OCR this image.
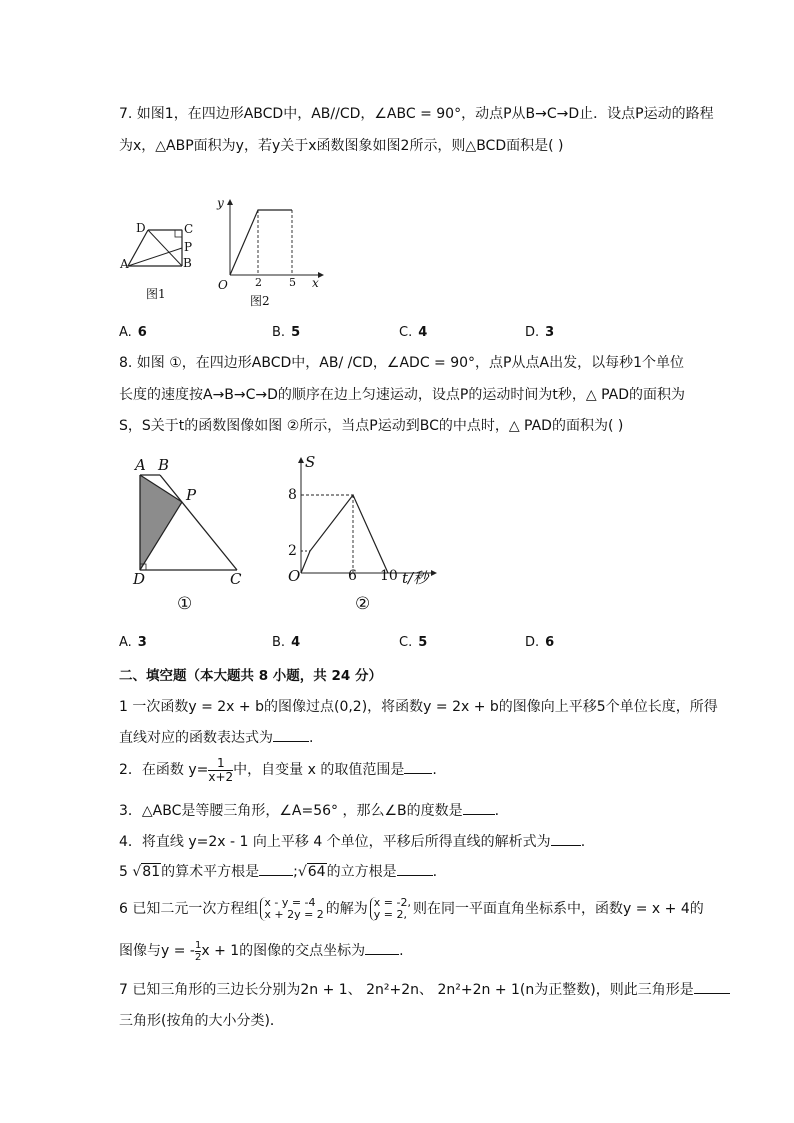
7. 如图1，在四边形ABCD中，AB//CD，∠ABC = 90°，动点P从B→C→D止．设点P运动的路程
为x，△ABP面积为y，若y关于x函数图象如图2所示，则△BCD面积是( )
D	C
P
A	B
图1
y
O 2 5 x
图2
A. 6	B. 5	C. 4	D. 3
8. 如图 ①，在四边形ABCD中，AB/ /CD，∠ADC = 90°，点P从点A出发，以每秒1个单位
长度的速度按A→B→C→D的顺序在边上匀速运动，设点P的运动时间为t秒，△ PAD的面积为
S，S关于t的函数图像如图 ②所示，当点P运动到BC的中点时，△ PAD的面积为( )
A B
P
D	C
①
S
8
2
O	6 10 t/秒
②
A. 3	B. 4	C. 5	D. 6
二、填空题（本大题共 8 小题，共 24 分）
1 一次函数y = 2x + b的图像过点(0,2)，将函数y = 2x + b的图像向上平移5个单位长度，所得
直线对应的函数表达式为	.
2．在函数 $y= \frac{1}{x+2}$ 中，自变量 x 的取值范围是 .
3．△ABC是等腰三角形，∠A=56° ，那么∠B的度数是 .
4．将直线 y=2x - 1 向上平移 4 个单位，平移后所得直线的解析式为 .
5 √81的算术平方根是 ;√64的立方根是	.
6 已知二元一次方程组 x - y = -4
x + 2y = 2 的解为 x = -2,
y = 2, 则在同一平面直角坐标系中，函数y = x + 4的
图像与y = - $\frac{1}{2}$ x + 1的图像的交点坐标为 .
7 已知三角形的三边长分别为2n + 1、 2n²+2n、 2n²+2n + 1(n为正整数)，则此三角形是
三角形(按角的大小分类)．
